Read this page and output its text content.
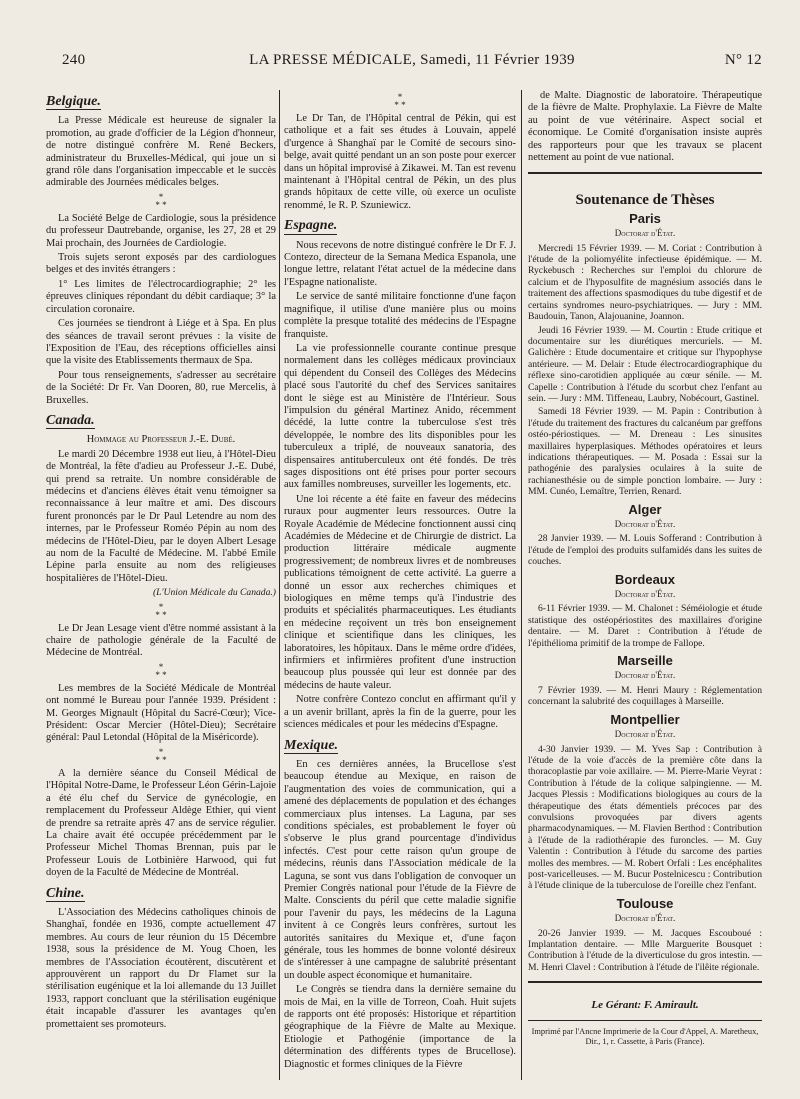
240	LA PRESSE MÉDICALE, Samedi, 11 Février 1939	N° 12
Belgique.

La Presse Médicale est heureuse de signaler la promotion, au grade d'officier de la Légion d'honneur, de notre distingué confrère M. René Beckers, administrateur du Bruxelles-Médical, qui joue un si grand rôle dans l'organisation impeccable et le succès admirable des Journées médicales belges.

*
* *

La Société Belge de Cardiologie, sous la présidence du professeur Dautrebande, organise, les 27, 28 et 29 Mai prochain, des Journées de Cardiologie.

Trois sujets seront exposés par des cardiologues belges et des invités étrangers :

1° Les limites de l'électrocardiographie; 2° les épreuves cliniques répondant du débit cardiaque; 3° la circulation coronaire.

Ces journées se tiendront à Liége et à Spa. En plus des séances de travail seront prévues : la visite de l'Exposition de l'Eau, des réceptions officielles ainsi que la visite des Etablissements thermaux de Spa.

Pour tous renseignements, s'adresser au secrétaire de la Société: Dr Fr. Van Dooren, 80, rue Mercelis, à Bruxelles.

Canada.

Hommage au Professeur J.-E. Dubé.

Le mardi 20 Décembre 1938 eut lieu, à l'Hôtel-Dieu de Montréal, la fête d'adieu au Professeur J.-E. Dubé, qui prend sa retraite. Un nombre considérable de médecins et d'anciens élèves était venu témoigner sa reconnaissance à leur maître et ami. Des discours furent prononcés par le Dr Paul Letendre au nom des internes, par le Professeur Roméo Pépin au nom des médecins de l'Hôtel-Dieu, par le doyen Albert Lesage au nom de la Faculté de Médecine. M. l'abbé Emile Lépine parla ensuite au nom des religieuses hospitalières de l'Hôtel-Dieu.

(L'Union Médicale du Canada.)

*
* *

Le Dr Jean Lesage vient d'être nommé assistant à la chaire de pathologie générale de la Faculté de Médecine de Montréal.

*
* *

Les membres de la Société Médicale de Montréal ont nommé le Bureau pour l'année 1939. Président : M. Georges Mignault (Hôpital du Sacré-Cœur); Vice-Président: Oscar Mercier (Hôtel-Dieu); Secrétaire général: Paul Letondal (Hôpital de la Miséricorde).

*
* *

A la dernière séance du Conseil Médical de l'Hôpital Notre-Dame, le Professeur Léon Gérin-Lajoie a été élu chef du Service de gynécologie, en remplacement du Professeur Aldège Ethier, qui vient de prendre sa retraite après 47 ans de service régulier. La chaire avait été occupée précédemment par le Professeur Michel Thomas Brennan, puis par le Professeur Louis de Lotbinière Harwood, qui fut doyen de la Faculté de Médecine de Montréal.

Chine.

L'Association des Médecins catholiques chinois de Shanghaï, fondée en 1936, compte actuellement 47 membres. Au cours de leur réunion du 15 Décembre 1938, sous la présidence de M. Youg Choen, les membres de l'Association écoutèrent, discutèrent et approuvèrent un rapport du Dr Flamet sur la stérilisation eugénique et la loi allemande du 13 Juillet 1933, rapport concluant que la stérilisation eugénique était incapable d'assurer les avantages qu'en promettaient ses promoteurs.

*
* *

Le Dr Tan, de l'Hôpital central de Pékin, qui est catholique et a fait ses études à Louvain, appelé d'urgence à Shanghaï par le Comité de secours sino-belge, avait quitté pendant un an son poste pour exercer dans un hôpital improvisé à Zikawei. M. Tan est revenu maintenant à l'Hôpital central de Pékin, un des plus grands hôpitaux de cette ville, où exerce un oculiste renommé, le R. P. Szuniewicz.

Espagne.

Nous recevons de notre distingué confrère le Dr F. J. Contezo, directeur de la Semana Medica Espanola, une longue lettre, relatant l'état actuel de la médecine dans l'Espagne nationaliste.

Le service de santé militaire fonctionne d'une façon magnifique, il utilise d'une manière plus ou moins complète la presque totalité des médecins de l'Espagne franquiste.

La vie professionnelle courante continue presque normalement dans les collèges médicaux provinciaux qui dépendent du Conseil des Collèges des Médecins placé sous l'autorité du chef des Services sanitaires dont le siège est au Ministère de l'Intérieur. Sous l'impulsion du général Martinez Anido, récemment décédé, la lutte contre la tuberculose s'est très développée, le nombre des lits disponibles pour les tuberculeux a triplé, de nouveaux sanatoria, des dispensaires antituberculeux ont été fondés. De très sages dispositions ont été prises pour porter secours aux familles nombreuses, surveiller les logements, etc.

Une loi récente a été faite en faveur des médecins ruraux pour augmenter leurs ressources. Outre la Royale Académie de Médecine fonctionnent aussi cinq Académies de Médecine et de Chirurgie de district. La production littéraire médicale augmente progressivement; de nombreux livres et de nombreuses publications témoignent de cette activité. La guerre a donné un essor aux recherches chimiques et biologiques en même temps qu'à l'industrie des produits et spécialités pharmaceutiques. Les étudiants en médecine reçoivent un très bon enseignement clinique et scientifique dans les cliniques, les laboratoires, les hôpitaux. Dans le même ordre d'idées, infirmiers et infirmières profitent d'une instruction beaucoup plus poussée qui leur est donnée par des médecins de haute valeur.

Notre confrère Contezo conclut en affirmant qu'il y a un avenir brillant, après la fin de la guerre, pour les sciences médicales et pour les médecins d'Espagne.

Mexique.

En ces dernières années, la Brucellose s'est beaucoup étendue au Mexique, en raison de l'augmentation des voies de communication, qui a amené des déplacements de population et des échanges commerciaux plus intenses. La Laguna, par ses conditions spéciales, est probablement le foyer où s'observe le plus grand pourcentage d'individus infectés. C'est pour cette raison qu'un groupe de médecins, réunis dans l'Association médicale de la Laguna, se sont vus dans l'obligation de convoquer un Premier Congrès national pour l'étude de la Fièvre de Malte. Conscients du péril que cette maladie signifie pour l'avenir du pays, les médecins de la Laguna invitent à ce Congrès leurs confrères, surtout les autorités sanitaires du Mexique et, d'une façon générale, tous les hommes de bonne volonté désireux de s'intéresser à une campagne de salubrité présentant un double aspect économique et humanitaire.

Le Congrès se tiendra dans la dernière semaine du mois de Mai, en la ville de Torreon, Coah. Huit sujets de rapports ont été proposés: Historique et répartition géographique de la Fièvre de Malte au Mexique. Etiologie et Pathogénie (importance de la détermination des différents types de Brucellose). Diagnostic et formes cliniques de la Fièvre

de Malte. Diagnostic de laboratoire. Thérapeutique de la fièvre de Malte. Prophylaxie. La Fièvre de Malte au point de vue vétérinaire. Aspect social et économique. Le Comité d'organisation insiste auprès des rapporteurs pour que les travaux se placent nettement au point de vue national.

Soutenance de Thèses
Paris
Doctorat d'État.

Mercredi 15 Février 1939. — M. Coriat : Contribution à l'étude de la poliomyélite infectieuse épidémique. — M. Ryckebusch : Recherches sur l'emploi du chlorure de calcium et de l'hyposulfite de magnésium associés dans le traitement des affections spasmodiques du tube digestif et de certains syndromes neuro-psychiatriques. — Jury : MM. Baudouin, Tanon, Alajouanine, Joannon.

Jeudi 16 Février 1939. — M. Courtin : Etude critique et documentaire sur les diurétiques mercuriels. — M. Galichère : Etude documentaire et critique sur l'hypophyse antérieure. — M. Delair : Etude électrocardiographique du réflexe sino-carotidien appliquée au cœur sénile. — M. Capelle : Contribution à l'étude du scorbut chez l'enfant au sein. — Jury : MM. Tiffeneau, Laubry, Nobécourt, Gastinel.

Samedi 18 Février 1939. — M. Papin : Contribution à l'étude du traitement des fractures du calcanéum par greffons ostéo-périostiques. — M. Dreneau : Les sinusites maxillaires hyperplasiques. Méthodes opératoires et leurs indications thérapeutiques. — M. Posada : Essai sur la pathogénie des paralysies oculaires à la suite de rachianesthésie ou de simple ponction lombaire. — Jury : MM. Cunéo, Lemaître, Terrien, Renard.

Alger
Doctorat d'État.

28 Janvier 1939. — M. Louis Sofferand : Contribution à l'étude de l'emploi des produits sulfamidés dans les suites de couches.

Bordeaux
Doctorat d'État.

6-11 Février 1939. — M. Chalonet : Séméiologie et étude statistique des ostéopériostites des maxillaires d'origine dentaire. — M. Daret : Contribution à l'étude de l'épithélioma primitif de la trompe de Fallope.

Marseille
Doctorat d'État.

7 Février 1939. — M. Henri Maury : Réglementation concernant la salubrité des coquillages à Marseille.

Montpellier
Doctorat d'État.

4-30 Janvier 1939. — M. Yves Sap : Contribution à l'étude de la voie d'accès de la première côte dans la thoracoplastie par voie axillaire. — M. Pierre-Marie Veyrat : Contribution à l'étude de la colique salpingienne. — M. Jacques Plessis : Modifications biologiques au cours de la thérapeutique des états démentiels précoces par des convulsions provoquées par divers agents pharmacodynamiques. — M. Flavien Berthod : Contribution à l'étude de la radiothérapie des furoncles. — M. Guy Valentin : Contribution à l'étude du sarcome des parties molles des membres. — M. Robert Orfali : Les encéphalites post-varicelleuses. — M. Bucur Postelnicescu : Contribution à l'étude clinique de la tuberculose de l'oreille chez l'enfant.

Toulouse
Doctorat d'État.

20-26 Janvier 1939. — M. Jacques Escouboué : Implantation dentaire. — Mlle Marguerite Bousquet : Contribution à l'étude de la diverticulose du gros intestin. — M. Henri Clavel : Contribution à l'étude de l'ilêite régionale.

Le Gérant: F. Amirault.
Imprimé par l'Ancne Imprimerie de la Cour d'Appel, A. Maretheux, Dir., 1, r. Cassette, à Paris (France).
